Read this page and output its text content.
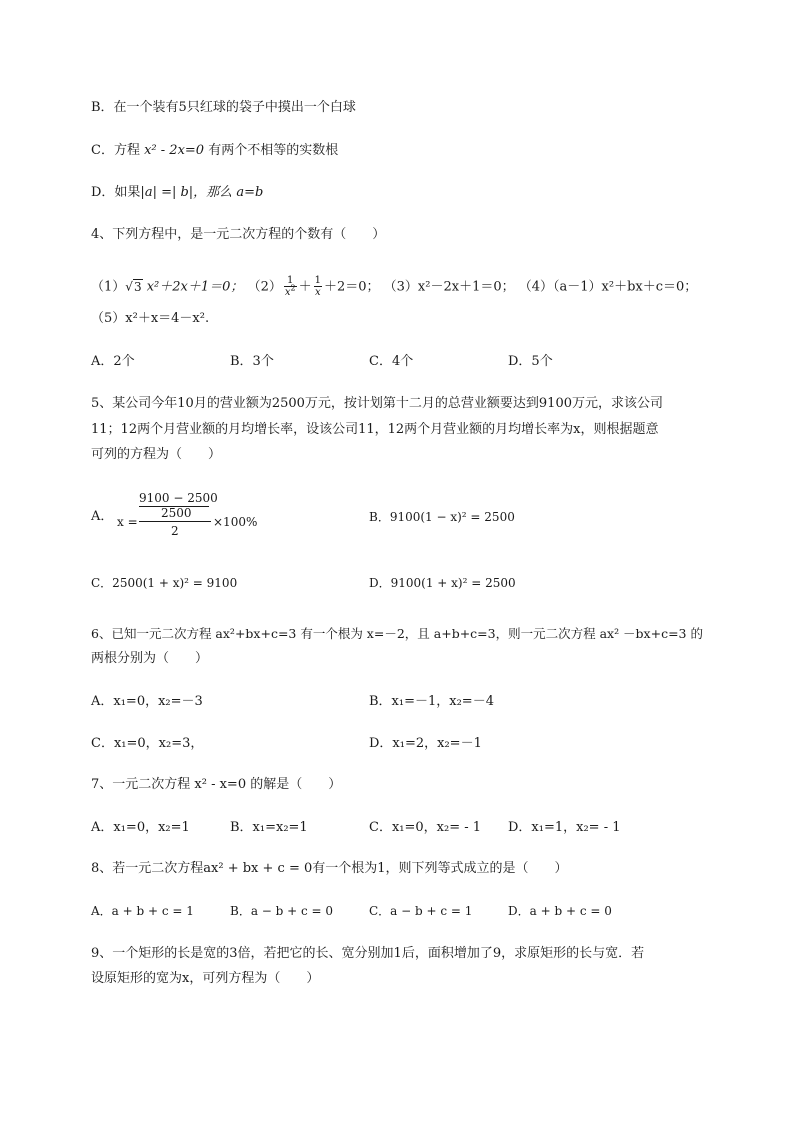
B．在一个装有5只红球的袋子中摸出一个白球
C．方程 x² - 2x=0 有两个不相等的实数根
D．如果|a| =| b|，那么 a=b
4、下列方程中，是一元二次方程的个数有（　　）
（1）√3 x²＋2x＋1＝0； $(2) \frac{1}{x^2} + \frac{1}{x} +2=0$； （3）x²－2x＋1＝0； （4）（a－1）x²＋bx＋c＝0；
（5）x²＋x＝4－x².
A．2个	B．3个	C．4个	D．5个
5、某公司今年10月的营业额为2500万元，按计划第十二月的总营业额要达到9100万元，求该公司
11；12两个月营业额的月均增长率，设该公司11，12两个月营业额的月均增长率为x，则根据题意
可列的方程为（　　）
A．
9100 − 2500
2500
x =
2
×100%	B．9100(1 − x)² = 2500
C．2500(1 + x)² = 9100	D．9100(1 + x)² = 2500
6、已知一元二次方程 ax²+bx+c=3 有一个根为 x=－2，且 a+b+c=3，则一元二次方程 ax² －bx+c=3 的
两根分别为（　　）
A．x₁=0，x₂=－3	B．x₁=－1，x₂=－4
C．x₁=0，x₂=3，	D．x₁=2，x₂=－1
7、一元二次方程 x² - x=0 的解是（　　）
A．x₁=0，x₂=1	B．x₁=x₂=1	C．x₁=0，x₂= - 1 D．x₁=1，x₂= - 1
8、若一元二次方程ax² + bx + c = 0有一个根为1，则下列等式成立的是（　　）
A．a + b + c = 1	B．a − b + c = 0	C．a − b + c = 1	D．a + b + c = 0
9、一个矩形的长是宽的3倍，若把它的长、宽分别加1后，面积增加了9，求原矩形的长与宽．若
设原矩形的宽为x，可列方程为（　　）
